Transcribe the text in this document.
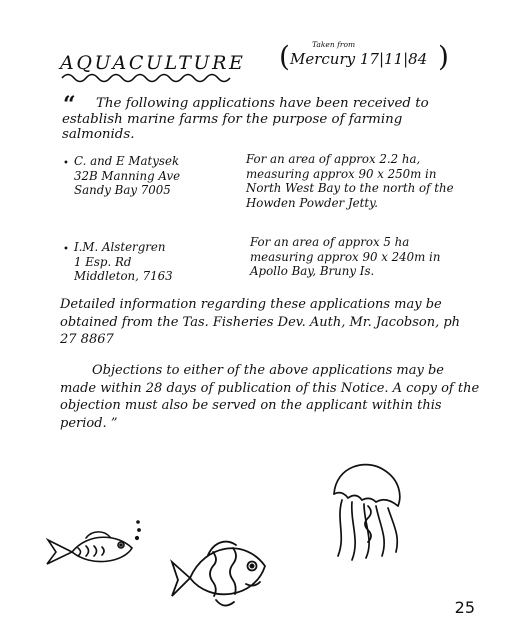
AQUACULTURE (	Taken from
Mercury 17|11|84 )
“	The following applications have been received to establish marine farms for the purpose of farming salmonids.
• C. and E Matysek
32B Manning Ave
Sandy Bay 7005
For an area of approx 2.2 ha, measuring approx 90 x 250m in North West Bay to the north of the Howden Powder Jetty.
• I.M. Alstergren
1 Esp. Rd
Middleton, 7163
For an area of approx 5 ha measuring approx 90 x 240m in Apollo Bay, Bruny Is.
Detailed information regarding these applications may be obtained from the Tas. Fisheries Dev. Auth, Mr. Jacobson, ph 27 8867
Objections to either of the above applications may be made within 28 days of publication of this Notice. A copy of the objection must also be served on the applicant within this period. ”
25
